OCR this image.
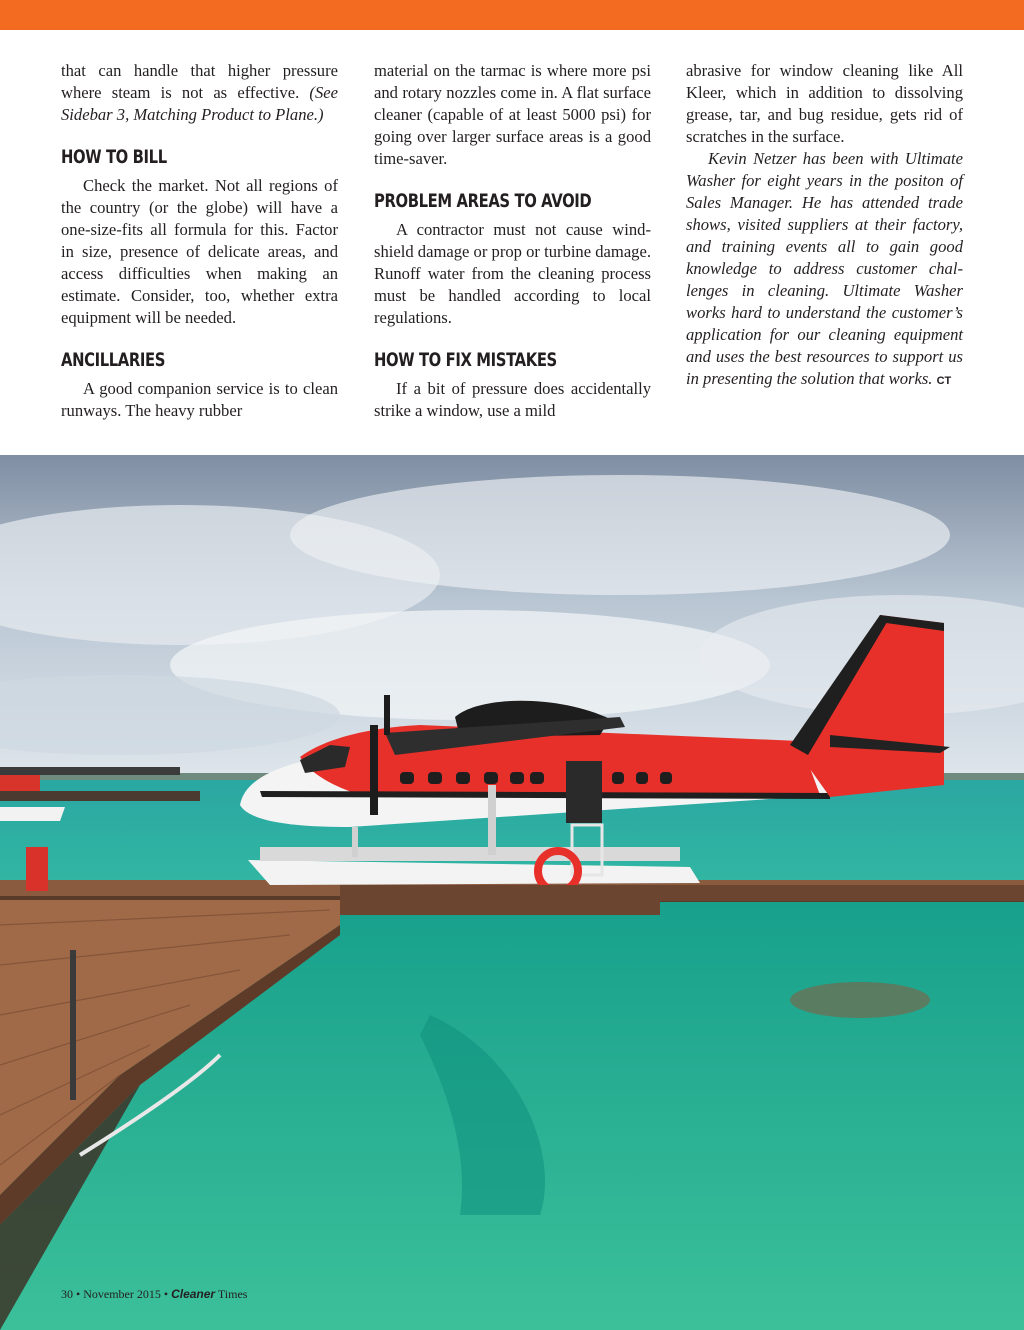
that can handle that higher pressure where steam is not as effective. (See Sidebar 3, Matching Product to Plane.)

HOW TO BILL

Check the market. Not all regions of the country (or the globe) will have a one-size-fits all formula for this. Factor in size, presence of delicate areas, and access difficulties when making an estimate. Consider, too, whether extra equipment will be needed.

ANCILLARIES

A good companion service is to clean runways. The heavy rubber

material on the tarmac is where more psi and rotary nozzles come in. A flat surface cleaner (capable of at least 5000 psi) for going over larger surface areas is a good time-saver.

PROBLEM AREAS TO AVOID

A contractor must not cause windshield damage or prop or turbine damage. Runoff water from the cleaning process must be handled according to local regulations.

HOW TO FIX MISTAKES

If a bit of pressure does accidentally strike a window, use a mild

abrasive for window cleaning like All Kleer, which in addition to dissolving grease, tar, and bug residue, gets rid of scratches in the surface.

Kevin Netzer has been with Ultimate Washer for eight years in the positon of Sales Manager. He has attended trade shows, visited suppliers at their factory, and training events all to gain good knowledge to address customer challenges in cleaning. Ultimate Washer works hard to understand the customer’s application for our cleaning equipment and uses the best resources to support us in presenting the solution that works. CT

30 • November 2015 • Cleaner Times
